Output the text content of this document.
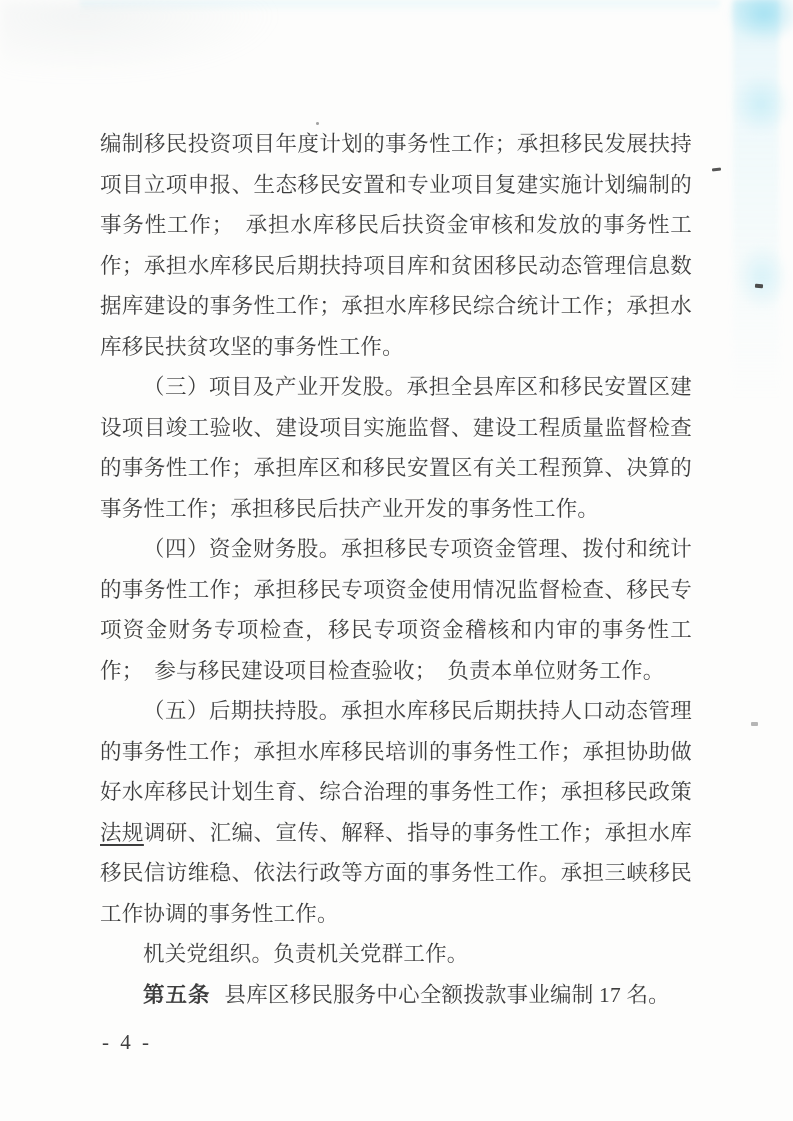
编制移民投资项目年度计划的事务性工作；承担移民发展扶持
项目立项申报、生态移民安置和专业项目复建实施计划编制的
事务性工作；　承担水库移民后扶资金审核和发放的事务性工
作；承担水库移民后期扶持项目库和贫困移民动态管理信息数
据库建设的事务性工作；承担水库移民综合统计工作；承担水
库移民扶贫攻坚的事务性工作。
（三）项目及产业开发股。承担全县库区和移民安置区建
设项目竣工验收、建设项目实施监督、建设工程质量监督检查
的事务性工作；承担库区和移民安置区有关工程预算、决算的
事务性工作；承担移民后扶产业开发的事务性工作。
（四）资金财务股。承担移民专项资金管理、拨付和统计
的事务性工作；承担移民专项资金使用情况监督检查、移民专
项资金财务专项检查，移民专项资金稽核和内审的事务性工
作；　参与移民建设项目检查验收；　负责本单位财务工作。
（五）后期扶持股。承担水库移民后期扶持人口动态管理
的事务性工作；承担水库移民培训的事务性工作；承担协助做
好水库移民计划生育、综合治理的事务性工作；承担移民政策
法规调研、汇编、宣传、解释、指导的事务性工作；承担水库
移民信访维稳、依法行政等方面的事务性工作。承担三峡移民
工作协调的事务性工作。
机关党组织。负责机关党群工作。
第五条 县库区移民服务中心全额拨款事业编制 17 名。
- 4 -
